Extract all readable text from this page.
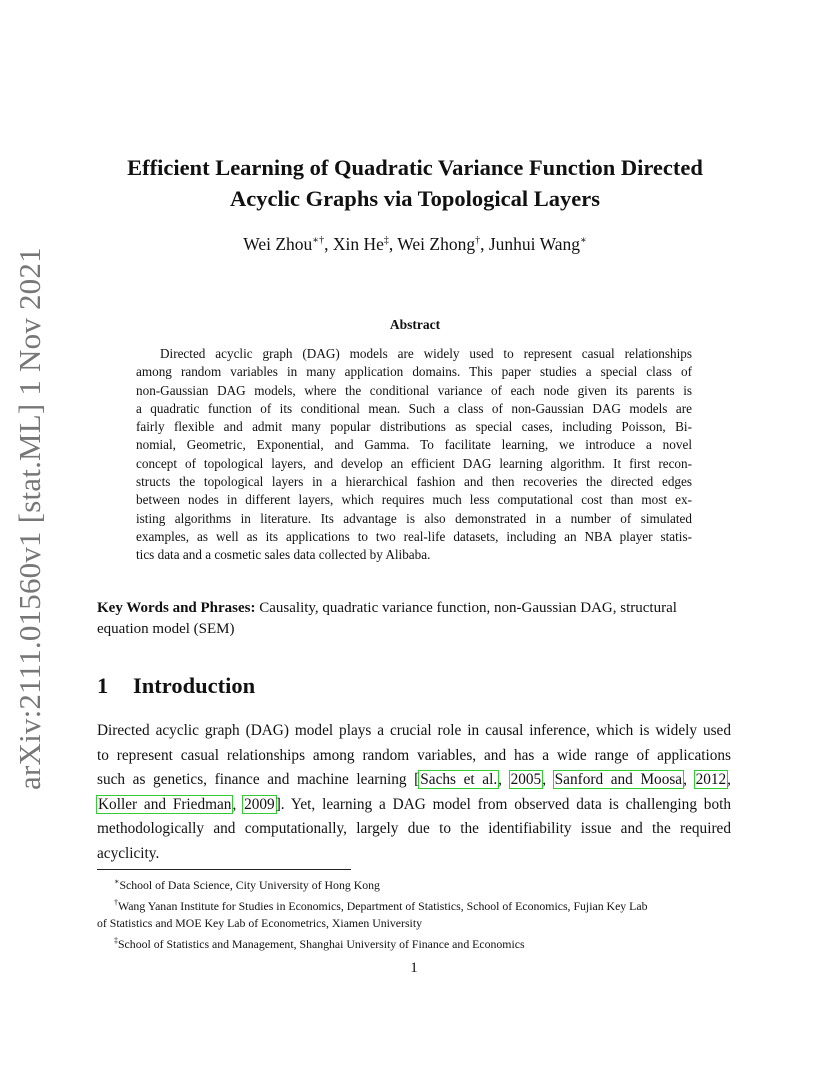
arXiv:2111.01560v1 [stat.ML] 1 Nov 2021
Efficient Learning of Quadratic Variance Function Directed
Acyclic Graphs via Topological Layers
Wei Zhou∗†, Xin He‡, Wei Zhong†, Junhui Wang∗
Abstract
Directed acyclic graph (DAG) models are widely used to represent casual relationships
among random variables in many application domains. This paper studies a special class of
non-Gaussian DAG models, where the conditional variance of each node given its parents is
a quadratic function of its conditional mean. Such a class of non-Gaussian DAG models are
fairly flexible and admit many popular distributions as special cases, including Poisson, Bi-
nomial, Geometric, Exponential, and Gamma. To facilitate learning, we introduce a novel
concept of topological layers, and develop an efficient DAG learning algorithm. It first recon-
structs the topological layers in a hierarchical fashion and then recoveries the directed edges
between nodes in different layers, which requires much less computational cost than most ex-
isting algorithms in literature. Its advantage is also demonstrated in a number of simulated
examples, as well as its applications to two real-life datasets, including an NBA player statis-
tics data and a cosmetic sales data collected by Alibaba.
Key Words and Phrases: Causality, quadratic variance function, non-Gaussian DAG, structural
equation model (SEM)
1 Introduction
Directed acyclic graph (DAG) model plays a crucial role in causal inference, which is widely used
to represent casual relationships among random variables, and has a wide range of applications
such as genetics, finance and machine learning [Sachs et al., 2005, Sanford and Moosa, 2012,
Koller and Friedman, 2009]. Yet, learning a DAG model from observed data is challenging both
methodologically and computationally, largely due to the identifiability issue and the required
acyclicity.
∗School of Data Science, City University of Hong Kong
†Wang Yanan Institute for Studies in Economics, Department of Statistics, School of Economics, Fujian Key Lab
of Statistics and MOE Key Lab of Econometrics, Xiamen University
‡School of Statistics and Management, Shanghai University of Finance and Economics
1
